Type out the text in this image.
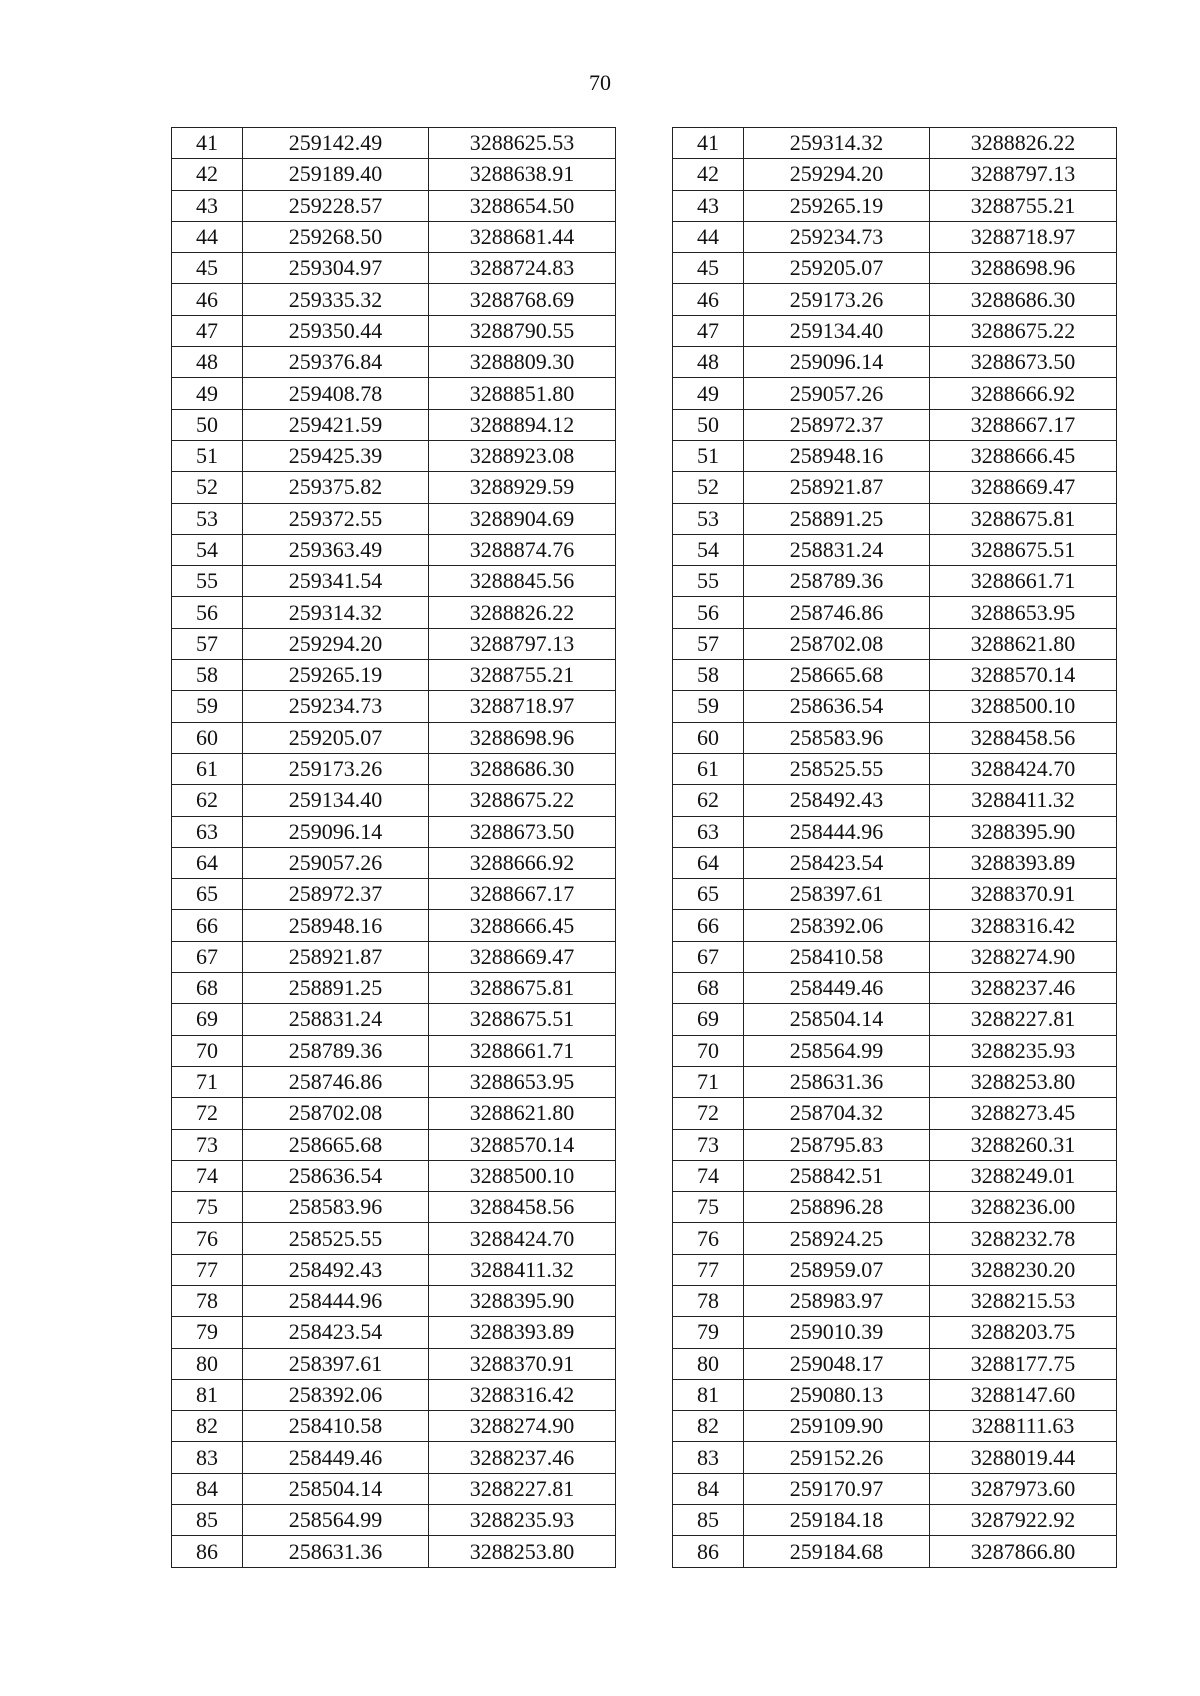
70
41	259142.49	3288625.53		41	259314.32	3288826.22
42	259189.40	3288638.91		42	259294.20	3288797.13
43	259228.57	3288654.50		43	259265.19	3288755.21
44	259268.50	3288681.44		44	259234.73	3288718.97
45	259304.97	3288724.83		45	259205.07	3288698.96
46	259335.32	3288768.69		46	259173.26	3288686.30
47	259350.44	3288790.55		47	259134.40	3288675.22
48	259376.84	3288809.30		48	259096.14	3288673.50
49	259408.78	3288851.80		49	259057.26	3288666.92
50	259421.59	3288894.12		50	258972.37	3288667.17
51	259425.39	3288923.08		51	258948.16	3288666.45
52	259375.82	3288929.59		52	258921.87	3288669.47
53	259372.55	3288904.69		53	258891.25	3288675.81
54	259363.49	3288874.76		54	258831.24	3288675.51
55	259341.54	3288845.56		55	258789.36	3288661.71
56	259314.32	3288826.22		56	258746.86	3288653.95
57	259294.20	3288797.13		57	258702.08	3288621.80
58	259265.19	3288755.21		58	258665.68	3288570.14
59	259234.73	3288718.97		59	258636.54	3288500.10
60	259205.07	3288698.96		60	258583.96	3288458.56
61	259173.26	3288686.30		61	258525.55	3288424.70
62	259134.40	3288675.22		62	258492.43	3288411.32
63	259096.14	3288673.50		63	258444.96	3288395.90
64	259057.26	3288666.92		64	258423.54	3288393.89
65	258972.37	3288667.17		65	258397.61	3288370.91
66	258948.16	3288666.45		66	258392.06	3288316.42
67	258921.87	3288669.47		67	258410.58	3288274.90
68	258891.25	3288675.81		68	258449.46	3288237.46
69	258831.24	3288675.51		69	258504.14	3288227.81
70	258789.36	3288661.71		70	258564.99	3288235.93
71	258746.86	3288653.95		71	258631.36	3288253.80
72	258702.08	3288621.80		72	258704.32	3288273.45
73	258665.68	3288570.14		73	258795.83	3288260.31
74	258636.54	3288500.10		74	258842.51	3288249.01
75	258583.96	3288458.56		75	258896.28	3288236.00
76	258525.55	3288424.70		76	258924.25	3288232.78
77	258492.43	3288411.32		77	258959.07	3288230.20
78	258444.96	3288395.90		78	258983.97	3288215.53
79	258423.54	3288393.89		79	259010.39	3288203.75
80	258397.61	3288370.91		80	259048.17	3288177.75
81	258392.06	3288316.42		81	259080.13	3288147.60
82	258410.58	3288274.90		82	259109.90	3288111.63
83	258449.46	3288237.46		83	259152.26	3288019.44
84	258504.14	3288227.81		84	259170.97	3287973.60
85	258564.99	3288235.93		85	259184.18	3287922.92
86	258631.36	3288253.80		86	259184.68	3287866.80
